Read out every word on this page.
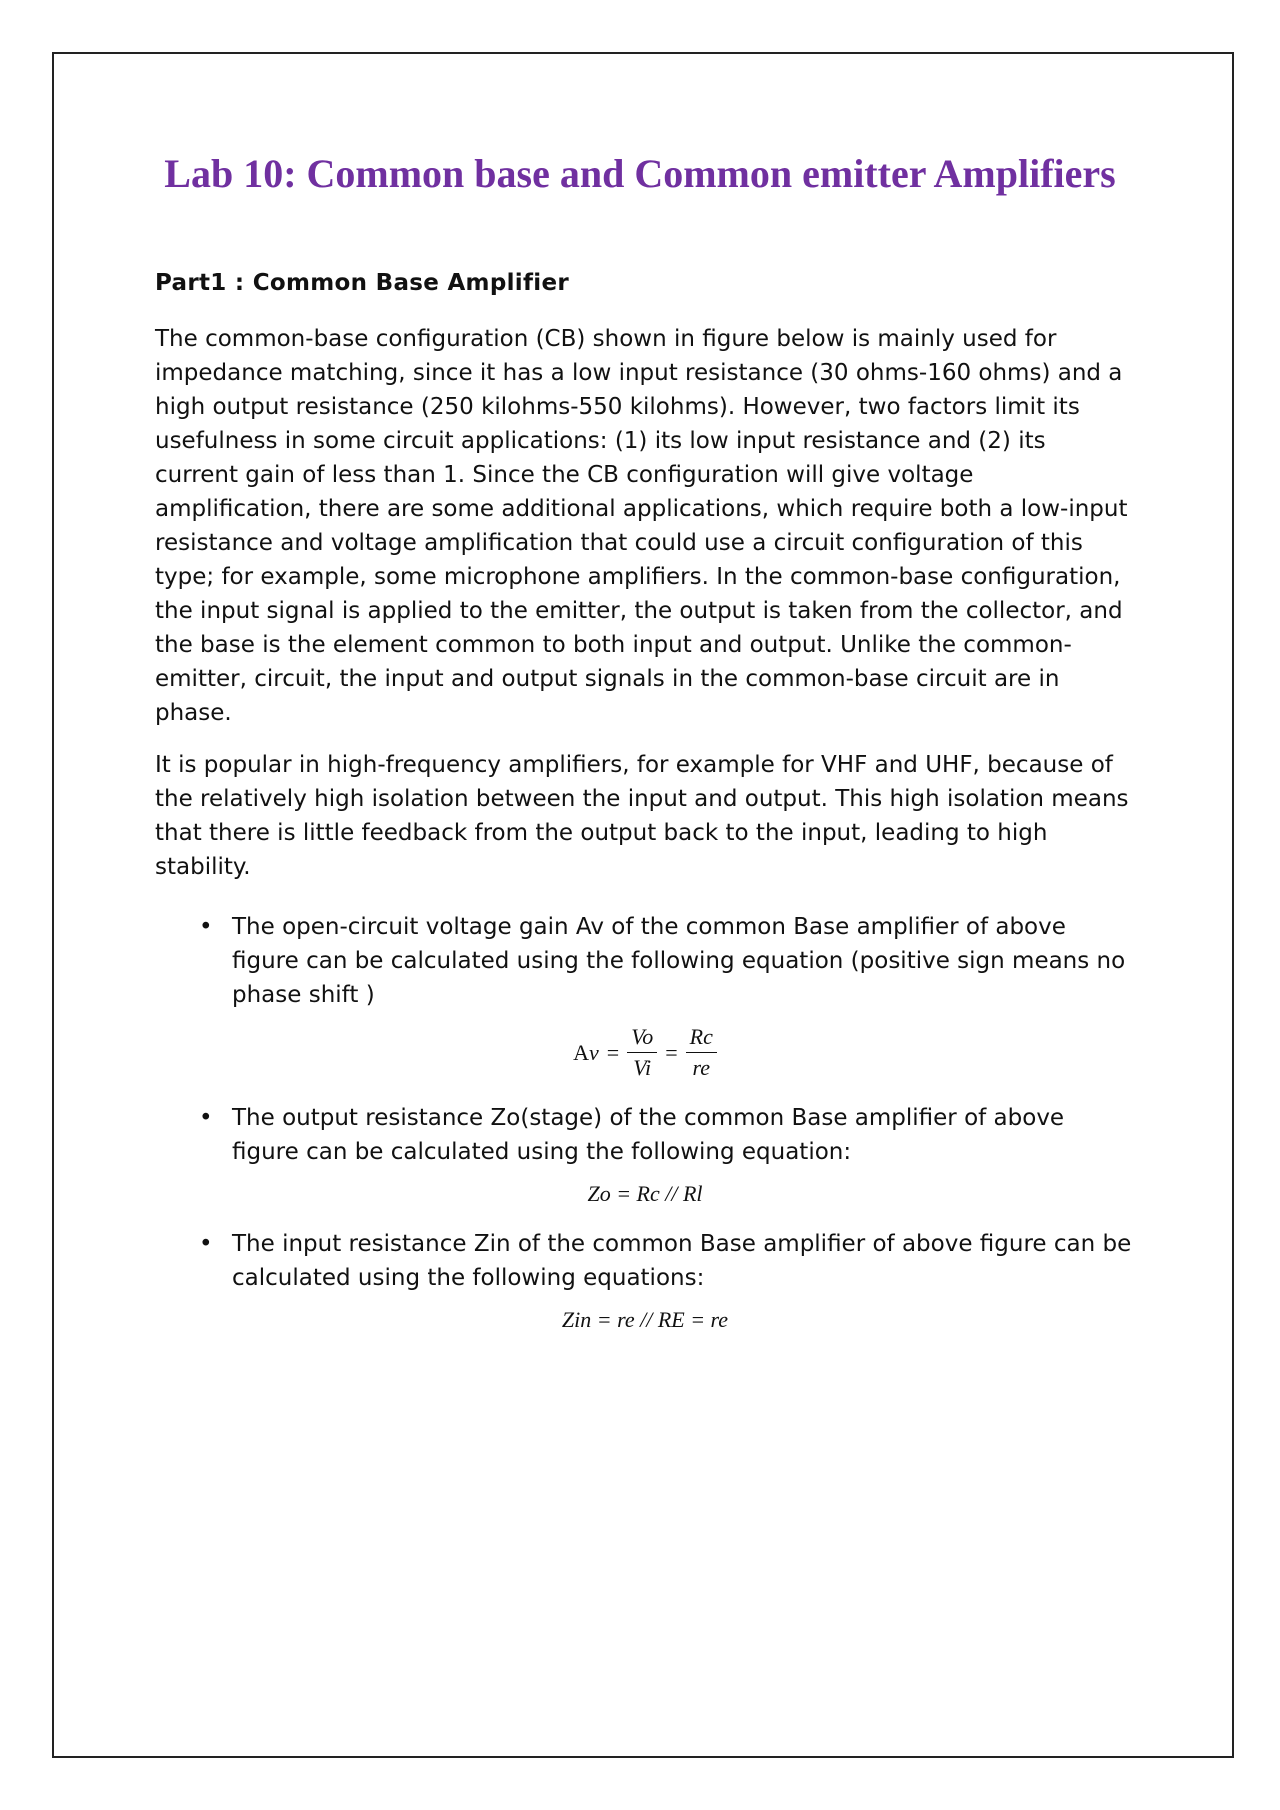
Lab 10: Common base and Common emitter Amplifiers

Part1 : Common Base Amplifier

The common-base configuration (CB) shown in figure below is mainly used for impedance matching, since it has a low input resistance (30 ohms-160 ohms) and a high output resistance (250 kilohms-550 kilohms). However, two factors limit its usefulness in some circuit applications: (1) its low input resistance and (2) its current gain of less than 1. Since the CB configuration will give voltage amplification, there are some additional applications, which require both a low-input resistance and voltage amplification that could use a circuit configuration of this type; for example, some microphone amplifiers. In the common-base configuration, the input signal is applied to the emitter, the output is taken from the collector, and the base is the element common to both input and output. Unlike the common-emitter, circuit, the input and output signals in the common-base circuit are in phase.

It is popular in high-frequency amplifiers, for example for VHF and UHF, because of the relatively high isolation between the input and output. This high isolation means that there is little feedback from the output back to the input, leading to high stability.

• The open-circuit voltage gain Av of the common Base amplifier of above figure can be calculated using the following equation (positive sign means no phase shift )
$Av = \frac{Vo}{Vi} = \frac{Rc}{re}$
• The output resistance Zo(stage) of the common Base amplifier of above figure can be calculated using the following equation:
Zo = Rc // Rl
• The input resistance Zin of the common Base amplifier of above figure can be calculated using the following equations:
Zin = re // RE = re
